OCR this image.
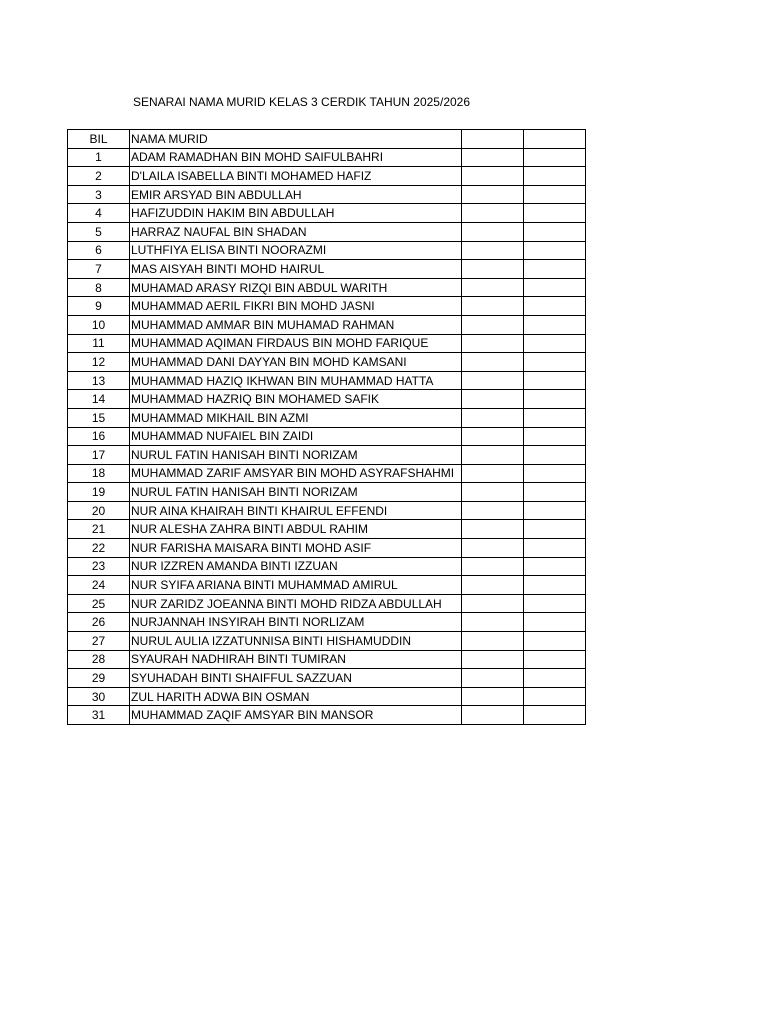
SENARAI NAMA MURID KELAS 3 CERDIK TAHUN 2025/2026
BIL	NAMA MURID		
1	ADAM RAMADHAN BIN MOHD SAIFULBAHRI		
2	D'LAILA ISABELLA BINTI MOHAMED HAFIZ		
3	EMIR ARSYAD BIN ABDULLAH		
4	HAFIZUDDIN HAKIM BIN ABDULLAH		
5	HARRAZ NAUFAL BIN SHADAN		
6	LUTHFIYA ELISA BINTI NOORAZMI		
7	MAS AISYAH BINTI MOHD HAIRUL		
8	MUHAMAD ARASY RIZQI BIN ABDUL WARITH		
9	MUHAMMAD AERIL FIKRI BIN MOHD JASNI		
10	MUHAMMAD AMMAR BIN MUHAMAD RAHMAN		
11	MUHAMMAD AQIMAN FIRDAUS BIN MOHD FARIQUE		
12	MUHAMMAD DANI DAYYAN BIN MOHD KAMSANI		
13	MUHAMMAD HAZIQ IKHWAN BIN MUHAMMAD HATTA		
14	MUHAMMAD HAZRIQ BIN MOHAMED SAFIK		
15	MUHAMMAD MIKHAIL BIN AZMI		
16	MUHAMMAD NUFAIEL BIN ZAIDI		
17	NURUL FATIN HANISAH BINTI NORIZAM		
18	MUHAMMAD ZARIF AMSYAR BIN MOHD ASYRAFSHAHMI		
19	NURUL FATIN HANISAH BINTI NORIZAM		
20	NUR AINA KHAIRAH BINTI KHAIRUL EFFENDI		
21	NUR ALESHA ZAHRA BINTI ABDUL RAHIM		
22	NUR FARISHA MAISARA BINTI MOHD ASIF		
23	NUR IZZREN AMANDA BINTI IZZUAN		
24	NUR SYIFA ARIANA BINTI MUHAMMAD AMIRUL		
25	NUR ZARIDZ JOEANNA BINTI MOHD RIDZA ABDULLAH		
26	NURJANNAH INSYIRAH BINTI NORLIZAM		
27	NURUL AULIA IZZATUNNISA BINTI HISHAMUDDIN		
28	SYAURAH NADHIRAH BINTI TUMIRAN		
29	SYUHADAH BINTI SHAIFFUL SAZZUAN		
30	ZUL HARITH ADWA BIN OSMAN		
31	MUHAMMAD ZAQIF AMSYAR BIN MANSOR		
